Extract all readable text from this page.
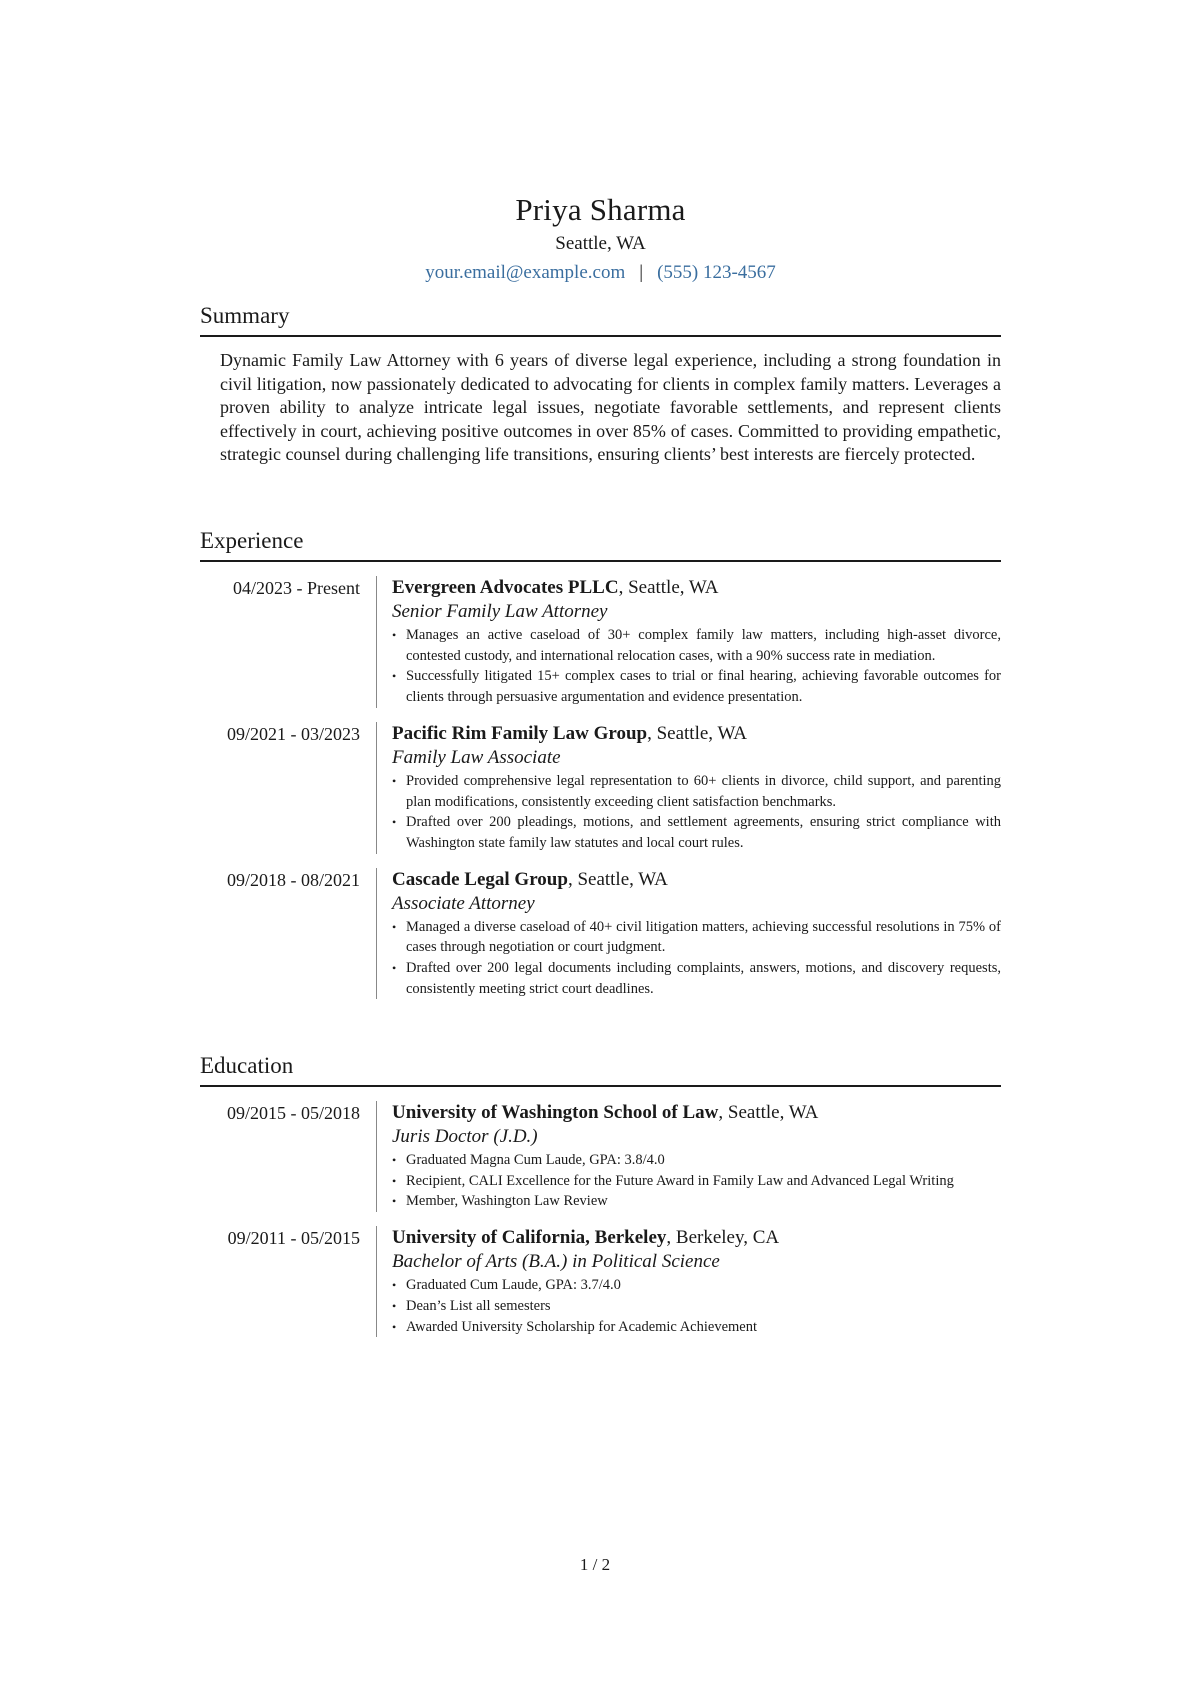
Priya Sharma
Seattle, WA
your.email@example.com | (555) 123-4567
Summary

Dynamic Family Law Attorney with 6 years of diverse legal experience, including a strong foundation in civil litigation, now passionately dedicated to advocating for clients in complex family matters. Leverages a proven ability to analyze intricate legal issues, negotiate favorable settlements, and represent clients effectively in court, achieving positive outcomes in over 85% of cases. Committed to providing empathetic, strategic counsel during challenging life transitions, ensuring clients’ best interests are fiercely protected.

Experience
04/2023 - Present	Evergreen Advocates PLLC, Seattle, WA
Senior Family Law Attorney
• Manages an active caseload of 30+ complex family law matters, including high-asset divorce, contested custody, and international relocation cases, with a 90% success rate in mediation.
• Successfully litigated 15+ complex cases to trial or final hearing, achieving favorable outcomes for clients through persuasive argumentation and evidence presentation.
09/2021 - 03/2023	Pacific Rim Family Law Group, Seattle, WA
Family Law Associate
• Provided comprehensive legal representation to 60+ clients in divorce, child support, and parenting plan modifications, consistently exceeding client satisfaction benchmarks.
• Drafted over 200 pleadings, motions, and settlement agreements, ensuring strict compliance with Washington state family law statutes and local court rules.
09/2018 - 08/2021	Cascade Legal Group, Seattle, WA
Associate Attorney
• Managed a diverse caseload of 40+ civil litigation matters, achieving successful resolutions in 75% of cases through negotiation or court judgment.
• Drafted over 200 legal documents including complaints, answers, motions, and discovery requests, consistently meeting strict court deadlines.
Education
09/2015 - 05/2018	University of Washington School of Law, Seattle, WA
Juris Doctor (J.D.)
• Graduated Magna Cum Laude, GPA: 3.8/4.0
• Recipient, CALI Excellence for the Future Award in Family Law and Advanced Legal Writing
• Member, Washington Law Review
09/2011 - 05/2015	University of California, Berkeley, Berkeley, CA
Bachelor of Arts (B.A.) in Political Science
• Graduated Cum Laude, GPA: 3.7/4.0
• Dean’s List all semesters
• Awarded University Scholarship for Academic Achievement
1 / 2
